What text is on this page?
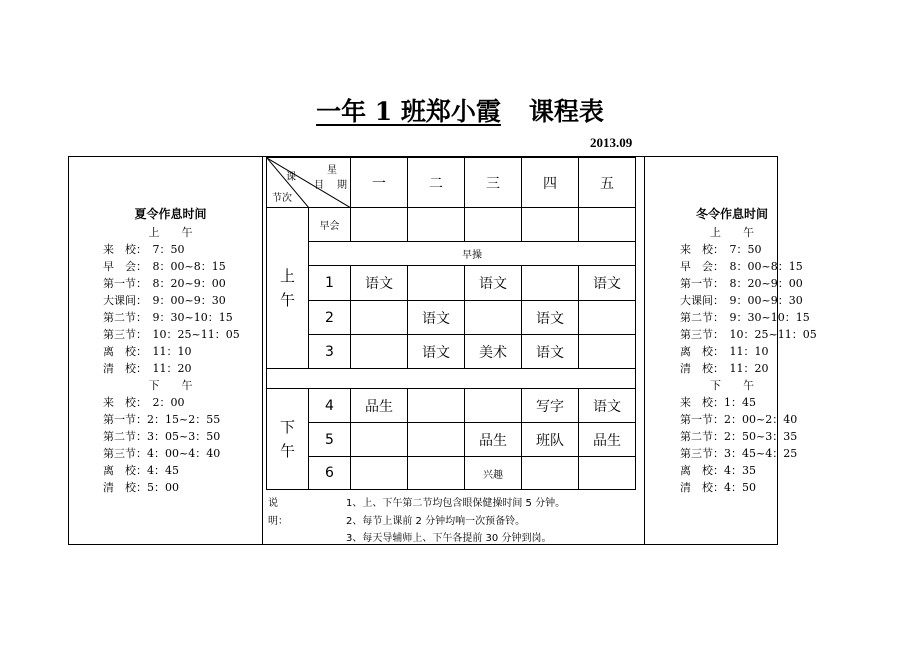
一年 1 班郑小霞 课程表
2013.09
夏令作息时间
上　　午
来　校：　7：50
早　会：　8：00~8：15
第一节：　8：20~9：00
大课间：　9：00~9：30
第二节：　9：30~10：15
第三节：　10：25~11：05
离　校：　11：10
清　校：　11：20
下　　午
来　校：　2：00
第一节：2：15~2：55
第二节：3：05~3：50
第三节：4：00~4：40
离　校：4：45
清　校：5：00
冬令作息时间
上　　午
来　校：　7：50
早　会：　8：00~8：15
第一节：　8：20~9：00
大课间：　9：00~9：30
第二节：　9：30~10：15
第三节：　10：25~11：05
离　校：　11：10
清　校：　11：20
下　　午
来　校：1：45
第一节：2：00~2：40
第二节：2：50~3：35
第三节：3：45~4：25
离　校：4：35
清　校：4：50
星
期
课
目
节次		一	二	三	四	五
上
午	早会					
	早操					
	1	语文		语文		语文
	2		语文		语文	
	3		语文	美术	语文	

下
午	4	品生			写字	语文
	5			品生	班队	品生
	6			兴趣		
说明：
1、上、下午第二节均包含眼保健操时间 5 分钟。
2、每节上课前 2 分钟均响一次预备铃。
3、每天导辅师上、下午各提前 30 分钟到岗。
